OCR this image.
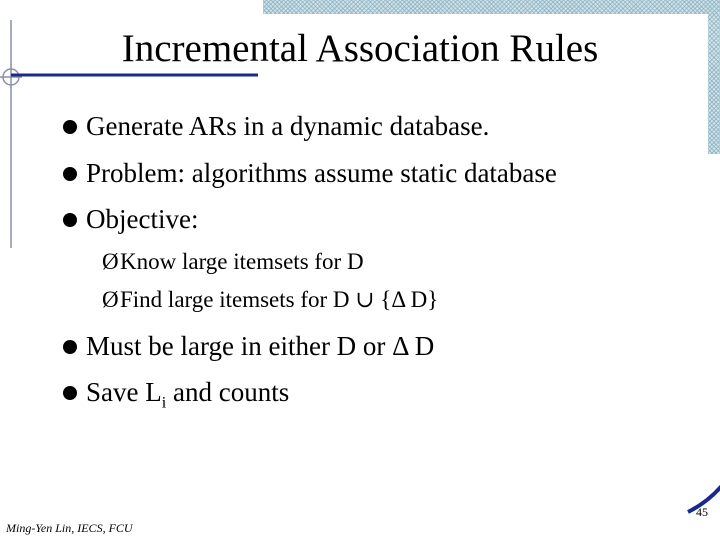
Incremental Association Rules
Generate ARs in a dynamic database.
Problem: algorithms assume static database
Objective:
ØKnow large itemsets for D
ØFind large itemsets for D ∪ {Δ D}
Must be large in either D or Δ D
Save $L_i$ and counts
Ming-Yen Lin, IECS, FCU
45
